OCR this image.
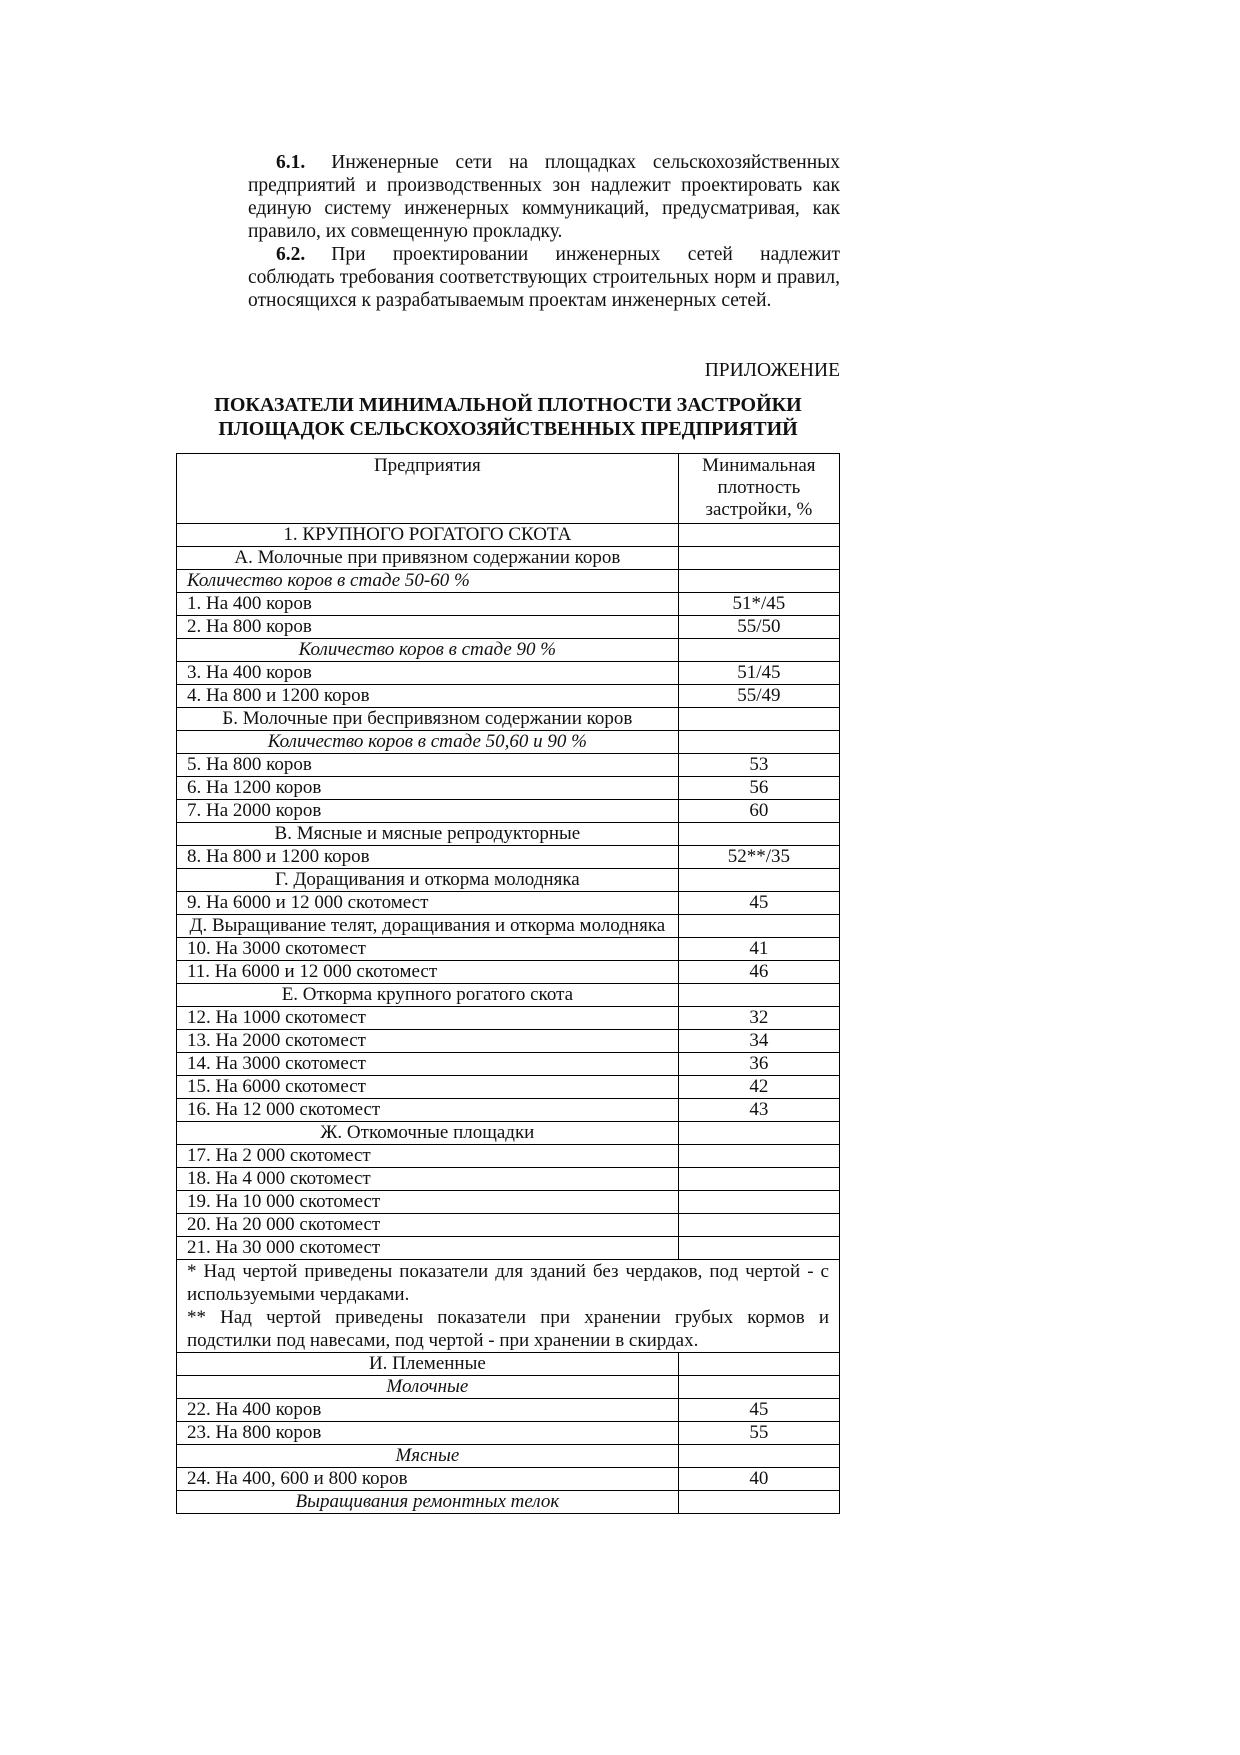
6.1. Инженерные сети на площадках сельскохозяйственных предприятий и производственных зон надлежит проектировать как единую систему инженерных коммуникаций, предусматривая, как правило, их совмещенную прокладку.

6.2. При проектировании инженерных сетей надлежит соблюдать требования соответствующих строительных норм и правил, относящихся к разрабатываемым проектам инженерных сетей.

ПРИЛОЖЕНИЕ
ПОКАЗАТЕЛИ МИНИМАЛЬНОЙ ПЛОТНОСТИ ЗАСТРОЙКИ
ПЛОЩАДОК СЕЛЬСКОХОЗЯЙСТВЕННЫХ ПРЕДПРИЯТИЙ
Предприятия	Минимальная
плотность
застройки, %
1. КРУПНОГО РОГАТОГО СКОТА	
А. Молочные при привязном содержании коров	
Количество коров в стаде 50-60 %	
1. На 400 коров	51*/45
2. На 800 коров	55/50
Количество коров в стаде 90 %	
3. На 400 коров	51/45
4. На 800 и 1200 коров	55/49
Б. Молочные при беспривязном содержании коров	
Количество коров в стаде 50,60 и 90 %	
5. На 800 коров	53
6. На 1200 коров	56
7. На 2000 коров	60
В. Мясные и мясные репродукторные	
8. На 800 и 1200 коров	52**/35
Г. Доращивания и откорма молодняка	
9. На 6000 и 12 000 скотомест	45
Д. Выращивание телят, доращивания и откорма молодняка	
10. На 3000 скотомест	41
11. На 6000 и 12 000 скотомест	46
Е. Откорма крупного рогатого скота	
12. На 1000 скотомест	32
13. На 2000 скотомест	34
14. На 3000 скотомест	36
15. На 6000 скотомест	42
16. На 12 000 скотомест	43
Ж. Откомочные площадки	
17. На 2 000 скотомест	
18. На 4 000 скотомест	
19. На 10 000 скотомест	
20. На 20 000 скотомест	
21. На 30 000 скотомест	

* Над чертой приведены показатели для зданий без чердаков, под чертой - с используемыми чердаками.
** Над чертой приведены показатели при хранении грубых кормов и подстилки под навесами, под чертой - при хранении в скирдах.	

И. Племенные	
Молочные	
22. На 400 коров	45
23. На 800 коров	55
Мясные	
24. На 400, 600 и 800 коров	40
Выращивания ремонтных телок	
